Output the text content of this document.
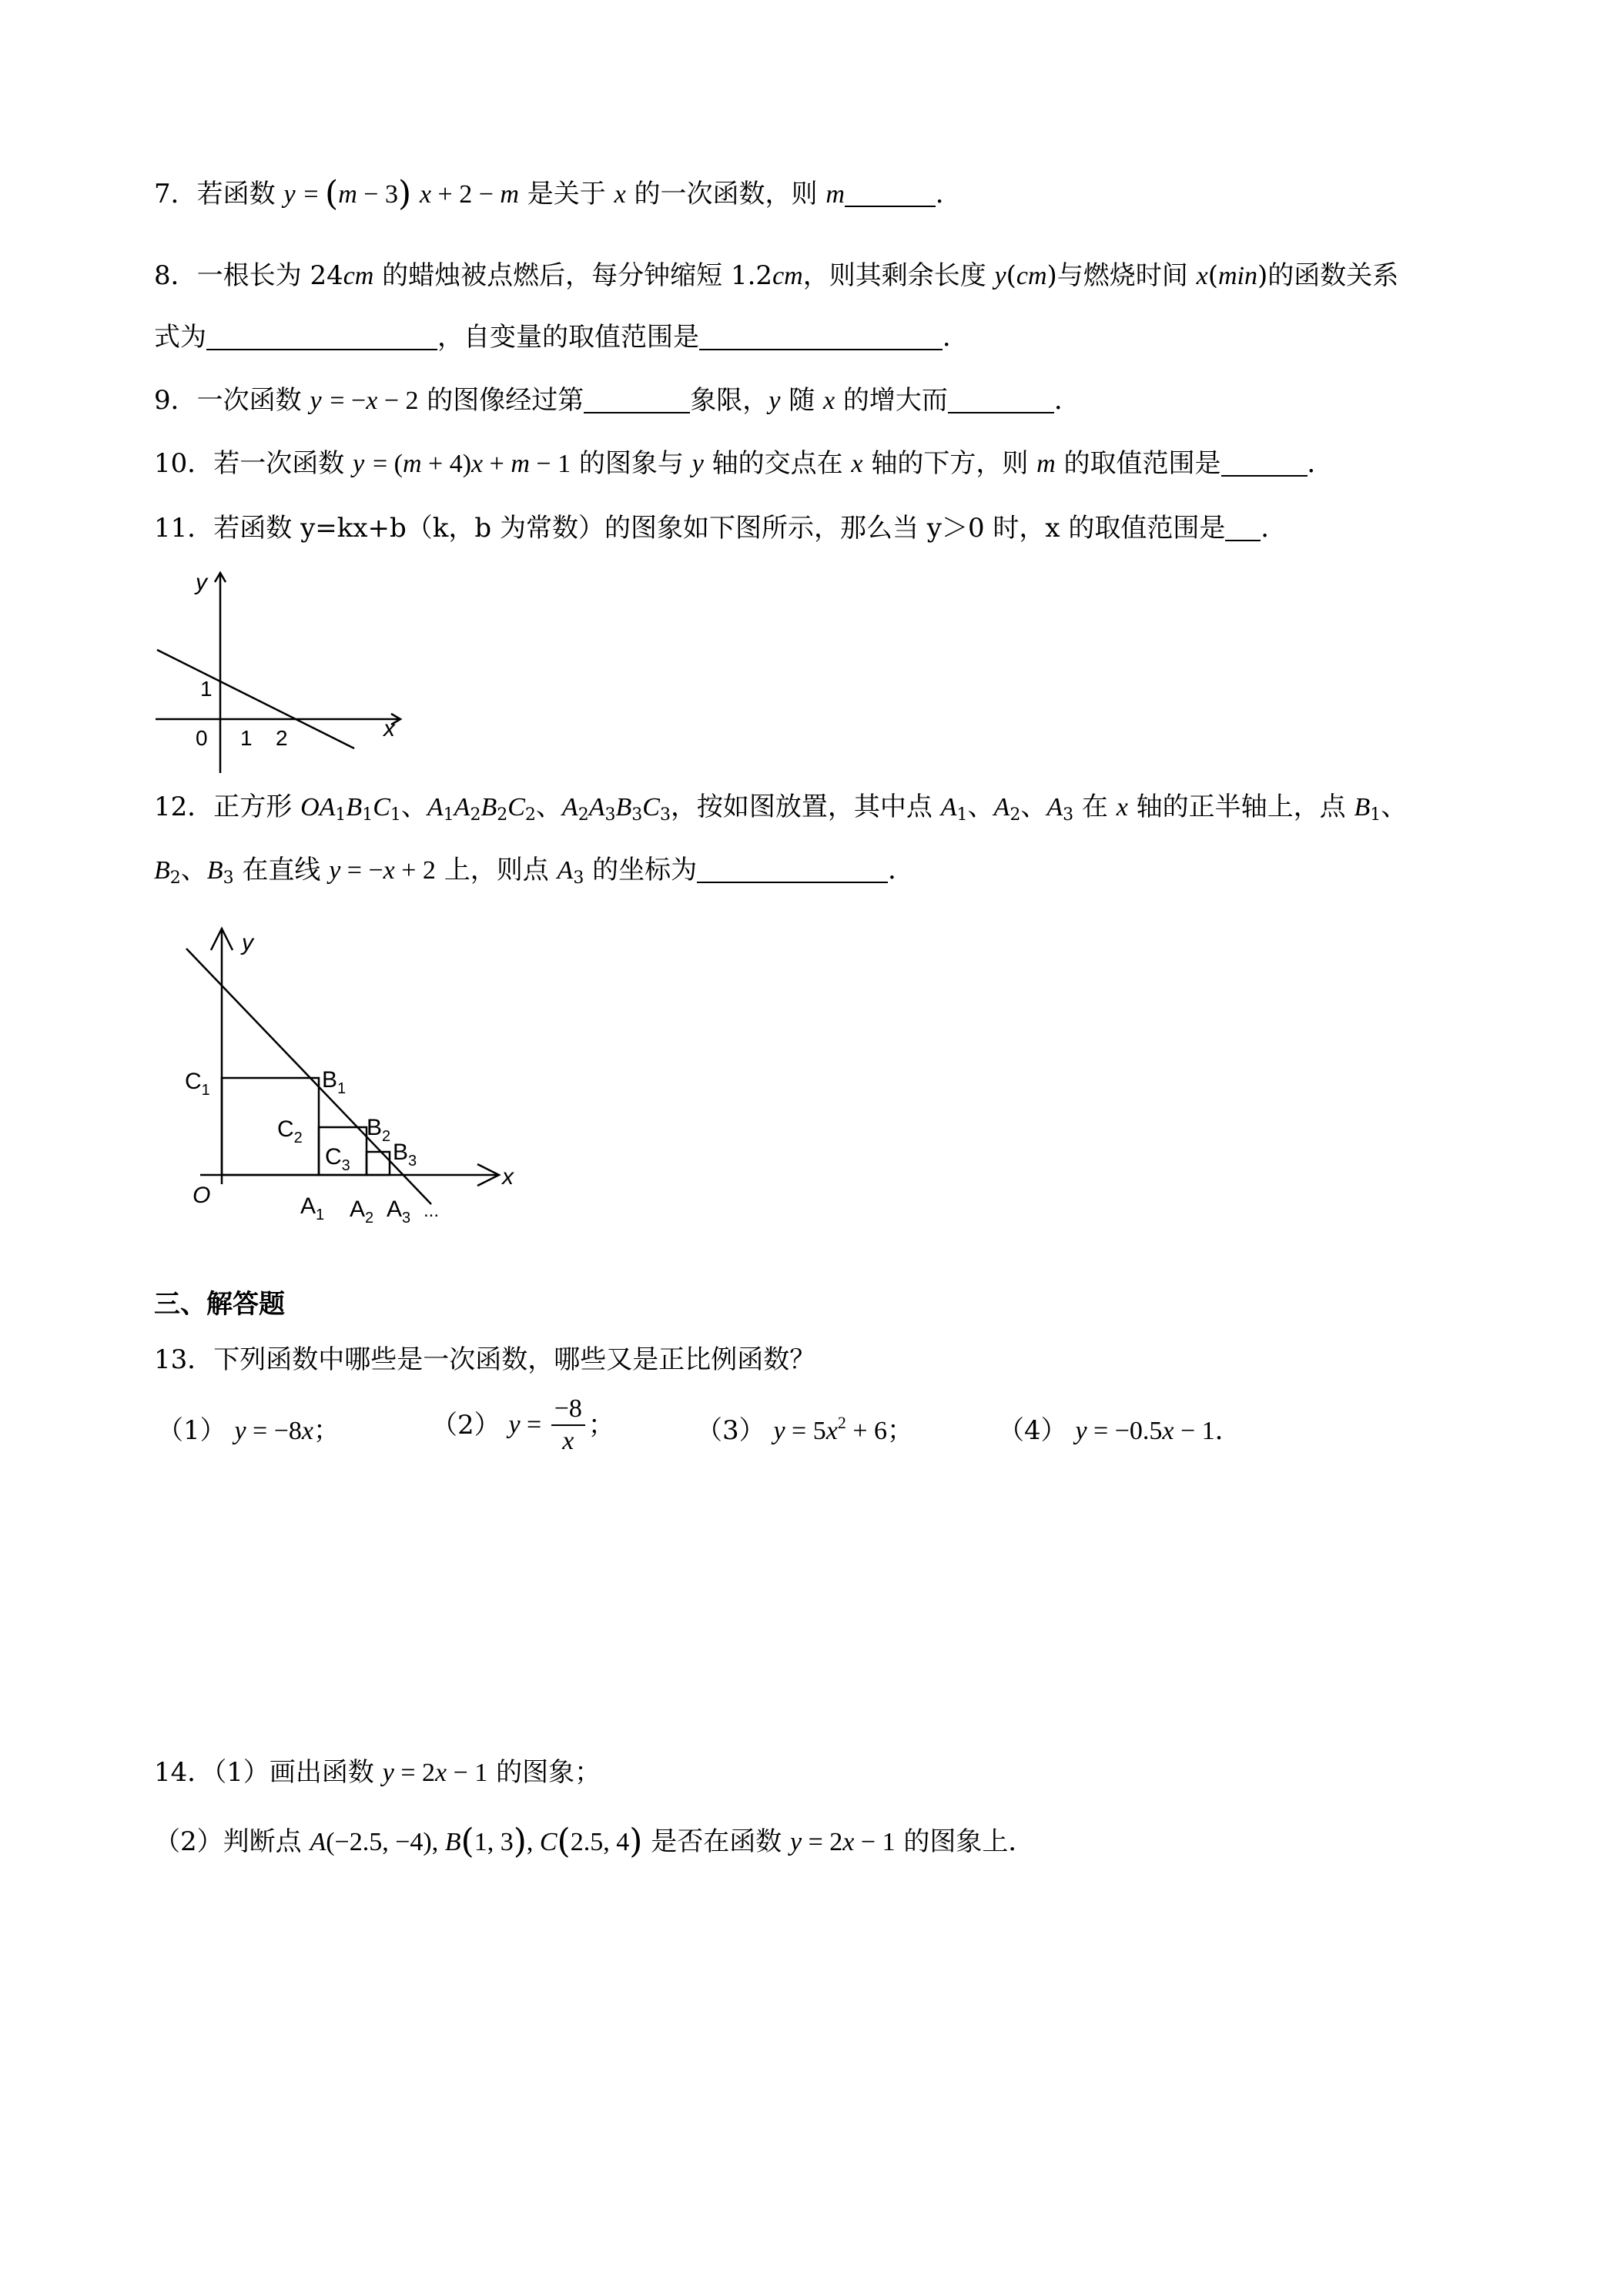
7．若函数 y = (m − 3) x + 2 − m 是关于 x 的一次函数，则 m	．
8．一根长为 24cm 的蜡烛被点燃后，每分钟缩短 1.2cm，则其剩余长度 y(cm)与燃烧时间 x(min)的函数关系
式为	，自变量的取值范围是	．
9．一次函数 y = −x − 2 的图像经过第	象限，y 随 x 的增大而	．
10．若一次函数 y = (m + 4)x + m − 1 的图象与 y 轴的交点在 x 轴的下方，则 m 的取值范围是	．
11．若函数 y=kx+b（k，b 为常数）的图象如下图所示，那么当 y＞0 时，x 的取值范围是 ．
y
x
0
1
1 2
12．正方形 $OA_1B_1C_1$、$A_1A_2B_2C_2$、$A_2A_3B_3C_3$，按如图放置，其中点 $A_1$、$A_2$、$A_3$ 在 x 轴的正半轴上，点 $B_1$、
$B_2$、$B_3$ 在直线 y = −x + 2 上，则点 $A_3$ 的坐标为	．
y
x
O
$C_1$	$B_1$
$C_2$	$B_2$
$C_3$
$B_3$
$A_1$ $A_2$ $A_3$ ...
三、解答题
13．下列函数中哪些是一次函数，哪些又是正比例函数？
（1） y = −8x；	（2） $y = \frac{-8}{x}$ ；	（3） $y = 5x^2 + 6$；	（4） y = −0.5x − 1．
14．（1）画出函数 y = 2x − 1 的图象；
（2）判断点 A(−2.5, −4), B(1, 3), C(2.5, 4) 是否在函数 y = 2x − 1 的图象上．
